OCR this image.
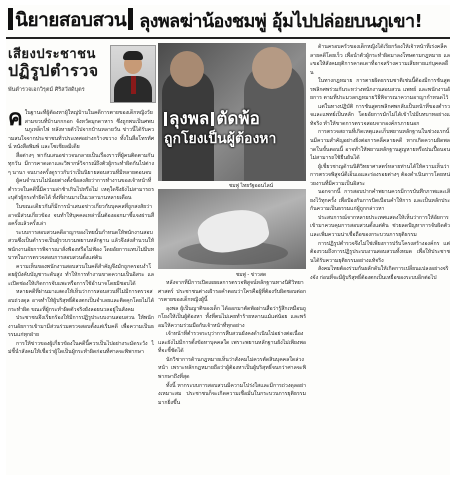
นิยายสอบสวน ลุงพลฆ่าน้องชมพู่ อุ้มไปปล่อยบนภูเขา!
เสียงประชาชน
ปฏิรูปตำรวจ
พันตำรวจเอกวิรุตม์ ศิริสวัสดิบุตร
ลุงพล ตัดพ้อ
ถูกโยงเป็นผู้ต้องหา
ชมพู่ ไทยรัฐออนไลน์
ชมพู่ - ข่าวสด

คในฐานะที่ผู้ต้องหาผู้ใหญ่บ้านในคดีการตายของเด็กหญิงวัยสามขวบที่บ้านกกกอก จังหวัดมุกดาหาร ซึ่งถูกพบเป็นศพบนภูเหล็กไฟ หลังหายตัวไปจากบ้านหลายวัน ข่าวนี้ได้รับความสนใจจากประชาชนทั่วประเทศอย่างกว้างขวาง ทั้งในสื่อโทรทัศน์ หนังสือพิมพ์ และโซเชียลมีเดีย

สื่อต่างๆ พากันเสนอข่าวจนกลายเป็นเรื่องราวที่ผู้คนติดตามกันทุกวัน มีการคาดเดาและวิพากษ์วิจารณ์ถึงตัวผู้กระทำผิดกันไปต่างๆ นานา จนบางครั้งดูราวกับว่าเป็นนิยายสอบสวนที่มีหลายตอนจบ

ผู้คนจำนวนไม่น้อยต่างตั้งข้อสงสัยว่าการทำงานของเจ้าหน้าที่ตำรวจในคดีนี้มีความล่าช้าเกินไปหรือไม่ เหตุใดจึงยังไม่สามารถระบุตัวผู้กระทำผิดได้ ทั้งที่ผ่านมาเป็นเวลานานหลายเดือน

ในขณะเดียวกันก็มีการนำเสนอข่าวเกี่ยวกับบุคคลที่ถูกสงสัยว่าอาจมีส่วนเกี่ยวข้อง จนทำให้บุคคลเหล่านั้นต้องออกมาชี้แจงผ่านสื่อครั้งแล้วครั้งเล่า

ระบบการสอบสวนคดีอาญาของไทยนั้นกำหนดให้พนักงานสอบสวนซึ่งเป็นตำรวจเป็นผู้รวบรวมพยานหลักฐาน แล้วจึงส่งสำนวนให้พนักงานอัยการพิจารณาสั่งฟ้องหรือไม่ฟ้อง โดยอัยการแทบไม่มีบทบาทในการตรวจสอบการสอบสวนตั้งแต่ต้น

ความเห็นของพนักงานสอบสวนในคดีสำคัญจึงมักถูกครอบงำโดยผู้บังคับบัญชาระดับสูง ทำให้การทำงานขาดความเป็นอิสระ และเปิดช่องให้เกิดการจับแพะหรือการใช้อำนาจโดยมิชอบได้

หลายคดีที่ผ่านมาแสดงให้เห็นว่าการสอบสวนที่ไม่มีการตรวจสอบถ่วงดุล อาจทำให้ผู้บริสุทธิ์ต้องตกเป็นจำเลยและติดคุกโดยไม่ได้กระทำผิด ขณะที่ผู้กระทำผิดตัวจริงยังลอยนวลอยู่ในสังคม

ประชาชนจึงเรียกร้องให้มีการปฏิรูประบบงานสอบสวน ให้พนักงานอัยการเข้ามามีส่วนร่วมตรวจสอบตั้งแต่เริ่มคดี เพื่อความเป็นธรรมแก่ทุกฝ่าย

การให้ข่าวของผู้เกี่ยวข้องในคดีนี้ควรเป็นไปอย่างระมัดระวัง ไม่ชี้นำสังคมให้เชื่อว่าผู้ใดเป็นผู้กระทำผิดก่อนที่ศาลจะพิพากษา

หลังจากที่มีการเปิดเผยผลการตรวจพิสูจน์หลักฐานทางนิติวิทยาศาสตร์ ประชาชนต่างเฝ้ารอคำตอบว่าใครคือผู้ที่ต้องรับผิดชอบต่อการตายของเด็กหญิงผู้นี้

ลุงพล ผู้เป็นญาติของเด็ก ได้ออกมาตัดพ้อผ่านสื่อว่ารู้สึกเหมือนถูกโยงให้เป็นผู้ต้องหา ทั้งที่ตนไม่เคยทำร้ายหลานแม้แต่น้อย และพร้อมให้ความร่วมมือกับเจ้าหน้าที่ทุกอย่าง

เจ้าหน้าที่ตำรวจระบุว่าการสืบสวนยังคงดำเนินไปอย่างต่อเนื่อง และยังไม่มีการตั้งข้อหาบุคคลใด เพราะพยานหลักฐานยังไม่เพียงพอที่จะชี้ชัดได้

นักวิชาการด้านกฎหมายเห็นว่าสังคมไม่ควรตัดสินบุคคลใดล่วงหน้า เพราะหลักกฎหมายถือว่าผู้ต้องหาเป็นผู้บริสุทธิ์จนกว่าศาลจะพิพากษาถึงที่สุด

ทั้งนี้ หากระบบการสอบสวนมีความโปร่งใสและมีการถ่วงดุลอย่างเหมาะสม ประชาชนก็จะเกิดความเชื่อมั่นในกระบวนการยุติธรรมมากยิ่งขึ้น

ด้านครอบครัวของเด็กหญิงได้เรียกร้องให้เจ้าหน้าที่เร่งคลี่คลายคดีโดยเร็ว เพื่อนำตัวผู้กระทำผิดมาลงโทษตามกฎหมาย และขอให้สังคมยุติการคาดเดาที่อาจสร้างความเสียหายแก่บุคคลอื่น

ในทางกฎหมาย การตายผิดธรรมชาติเช่นนี้ต้องมีการชันสูตรพลิกศพร่วมกันระหว่างพนักงานสอบสวน แพทย์ และพนักงานอัยการ ตามที่ประมวลกฎหมายวิธีพิจารณาความอาญากำหนดไว้

แต่ในทางปฏิบัติ การชันสูตรพลิกศพกลับเป็นหน้าที่ของตำรวจและแพทย์เป็นหลัก โดยอัยการมักไม่ได้เข้าไปมีบทบาทอย่างแท้จริง ทำให้ขาดการตรวจสอบจากองค์กรภายนอก

การตรวจสถานที่เกิดเหตุและเก็บพยานหลักฐานในช่วงแรกนั้นมีความสำคัญอย่างยิ่งต่อการคลี่คลายคดี หากเกิดความผิดพลาดในขั้นตอนนี้ อาจทำให้พยานหลักฐานสูญหายหรือปนเปื้อนจนไม่สามารถใช้ยืนยันได้

ผู้เชี่ยวชาญด้านนิติวิทยาศาสตร์หลายท่านได้ให้ความเห็นว่า การตรวจพิสูจน์ดีเอ็นเอและร่องรอยต่างๆ ต้องดำเนินการโดยหน่วยงานที่มีความเป็นอิสระ

นอกจากนี้ การสอบปากคำพยานควรมีการบันทึกภาพและเสียงไว้ทุกครั้ง เพื่อป้องกันการบิดเบือนคำให้การ และเป็นหลักประกันความเป็นธรรมแก่ผู้ถูกกล่าวหา

ประสบการณ์จากหลายประเทศแสดงให้เห็นว่าการให้อัยการเข้ามาควบคุมการสอบสวนตั้งแต่ต้น ช่วยลดปัญหาการจับผิดตัวและเพิ่มความน่าเชื่อถือของกระบวนการยุติธรรม

การปฏิรูปตำรวจจึงไม่ใช่เพียงการปรับโครงสร้างองค์กร แต่ต้องรวมถึงการปฏิรูประบบงานสอบสวนทั้งหมด เพื่อให้ประชาชนได้รับความยุติธรรมอย่างแท้จริง

สังคมไทยต้องร่วมกันผลักดันให้เกิดการเปลี่ยนแปลงอย่างจริงจัง ก่อนที่จะมีผู้บริสุทธิ์ต้องตกเป็นเหยื่อของระบบอีกต่อไป
